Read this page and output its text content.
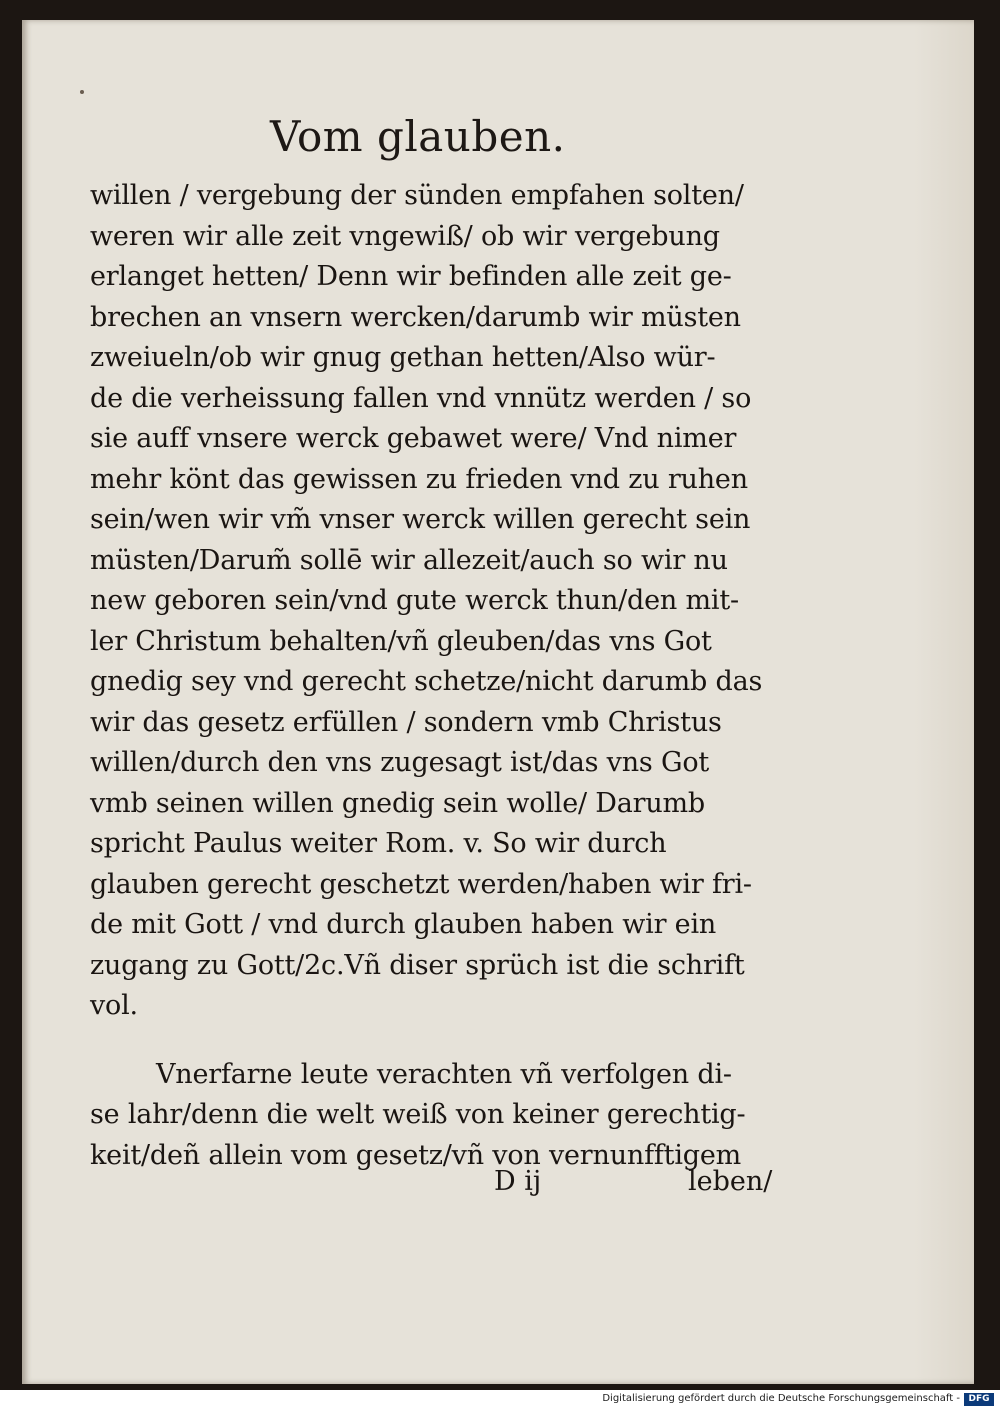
Vom glauben.
willen / vergebung der sünden empfahen solten/
weren wir alle zeit vngewiß/ ob wir vergebung
erlanget hetten/ Denn wir befinden alle zeit ge-
brechen an vnsern wercken/darumb wir müsten
zweiueln/ob wir gnug gethan hetten/Also wür-
de die verheissung fallen vnd vnnütz werden / so
sie auff vnsere werck gebawet were/ Vnd nimer
mehr könt das gewissen zu frieden vnd zu ruhen
sein/wen wir vm̃ vnser werck willen gerecht sein
müsten/Darum̃ sollē wir allezeit/auch so wir nu
new geboren sein/vnd gute werck thun/den mit-
ler Christum behalten/vñ gleuben/das vns Got
gnedig sey vnd gerecht schetze/nicht darumb das
wir das gesetz erfüllen / sondern vmb Christus
willen/durch den vns zugesagt ist/das vns Got
vmb seinen willen gnedig sein wolle/ Darumb
spricht Paulus weiter Rom. v. So wir durch
glauben gerecht geschetzt werden/haben wir fri-
de mit Gott / vnd durch glauben haben wir ein
zugang zu Gott/2c.Vñ diser sprüch ist die schrift
vol.
Vnerfarne leute verachten vñ verfolgen di-
se lahr/denn die welt weiß von keiner gerechtig-
keit/deñ allein vom gesetz/vñ von vernunfftigem
D ij	leben/
Digitalisierung gefördert durch die Deutsche Forschungsgemeinschaft - DFG
